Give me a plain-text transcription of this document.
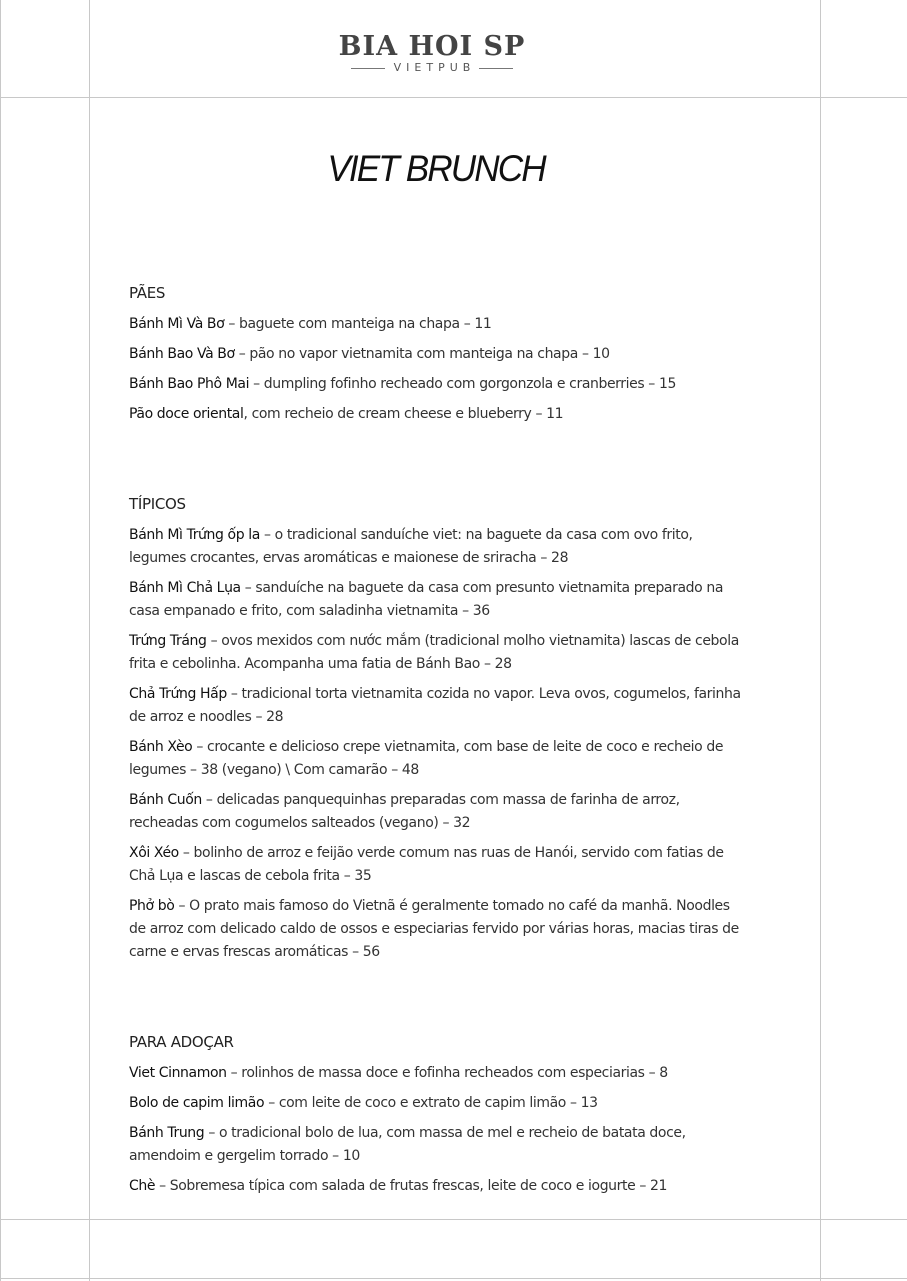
BIA HOI SP
VIETPUB
VIET BRUNCH
PÃES
Bánh Mì Và Bơ – baguete com manteiga na chapa – 11
Bánh Bao Và Bơ – pão no vapor vietnamita com manteiga na chapa – 10
Bánh Bao Phô Mai – dumpling fofinho recheado com gorgonzola e cranberries – 15
Pão doce oriental, com recheio de cream cheese e blueberry – 11
TÍPICOS
Bánh Mì Trứng ốp la – o tradicional sanduíche viet: na baguete da casa com ovo frito, legumes crocantes, ervas aromáticas e maionese de sriracha – 28
Bánh Mì Chả Lụa – sanduíche na baguete da casa com presunto vietnamita preparado na casa empanado e frito, com saladinha vietnamita – 36
Trứng Tráng – ovos mexidos com nước mắm (tradicional molho vietnamita) lascas de cebola frita e cebolinha. Acompanha uma fatia de Bánh Bao – 28
Chả Trứng Hấp – tradicional torta vietnamita cozida no vapor. Leva ovos, cogumelos, farinha de arroz e noodles – 28
Bánh Xèo – crocante e delicioso crepe vietnamita, com base de leite de coco e recheio de legumes – 38 (vegano) \ Com camarão – 48
Bánh Cuốn – delicadas panquequinhas preparadas com massa de farinha de arroz, recheadas com cogumelos salteados (vegano) – 32
Xôi Xéo – bolinho de arroz e feijão verde comum nas ruas de Hanói, servido com fatias de Chả Lụa e lascas de cebola frita – 35
Phở bò – O prato mais famoso do Vietnã é geralmente tomado no café da manhã. Noodles de arroz com delicado caldo de ossos e especiarias fervido por várias horas, macias tiras de carne e ervas frescas aromáticas – 56
PARA ADOÇAR
Viet Cinnamon – rolinhos de massa doce e fofinha recheados com especiarias – 8
Bolo de capim limão – com leite de coco e extrato de capim limão – 13
Bánh Trung – o tradicional bolo de lua, com massa de mel e recheio de batata doce, amendoim e gergelim torrado – 10
Chè – Sobremesa típica com salada de frutas frescas, leite de coco e iogurte – 21
